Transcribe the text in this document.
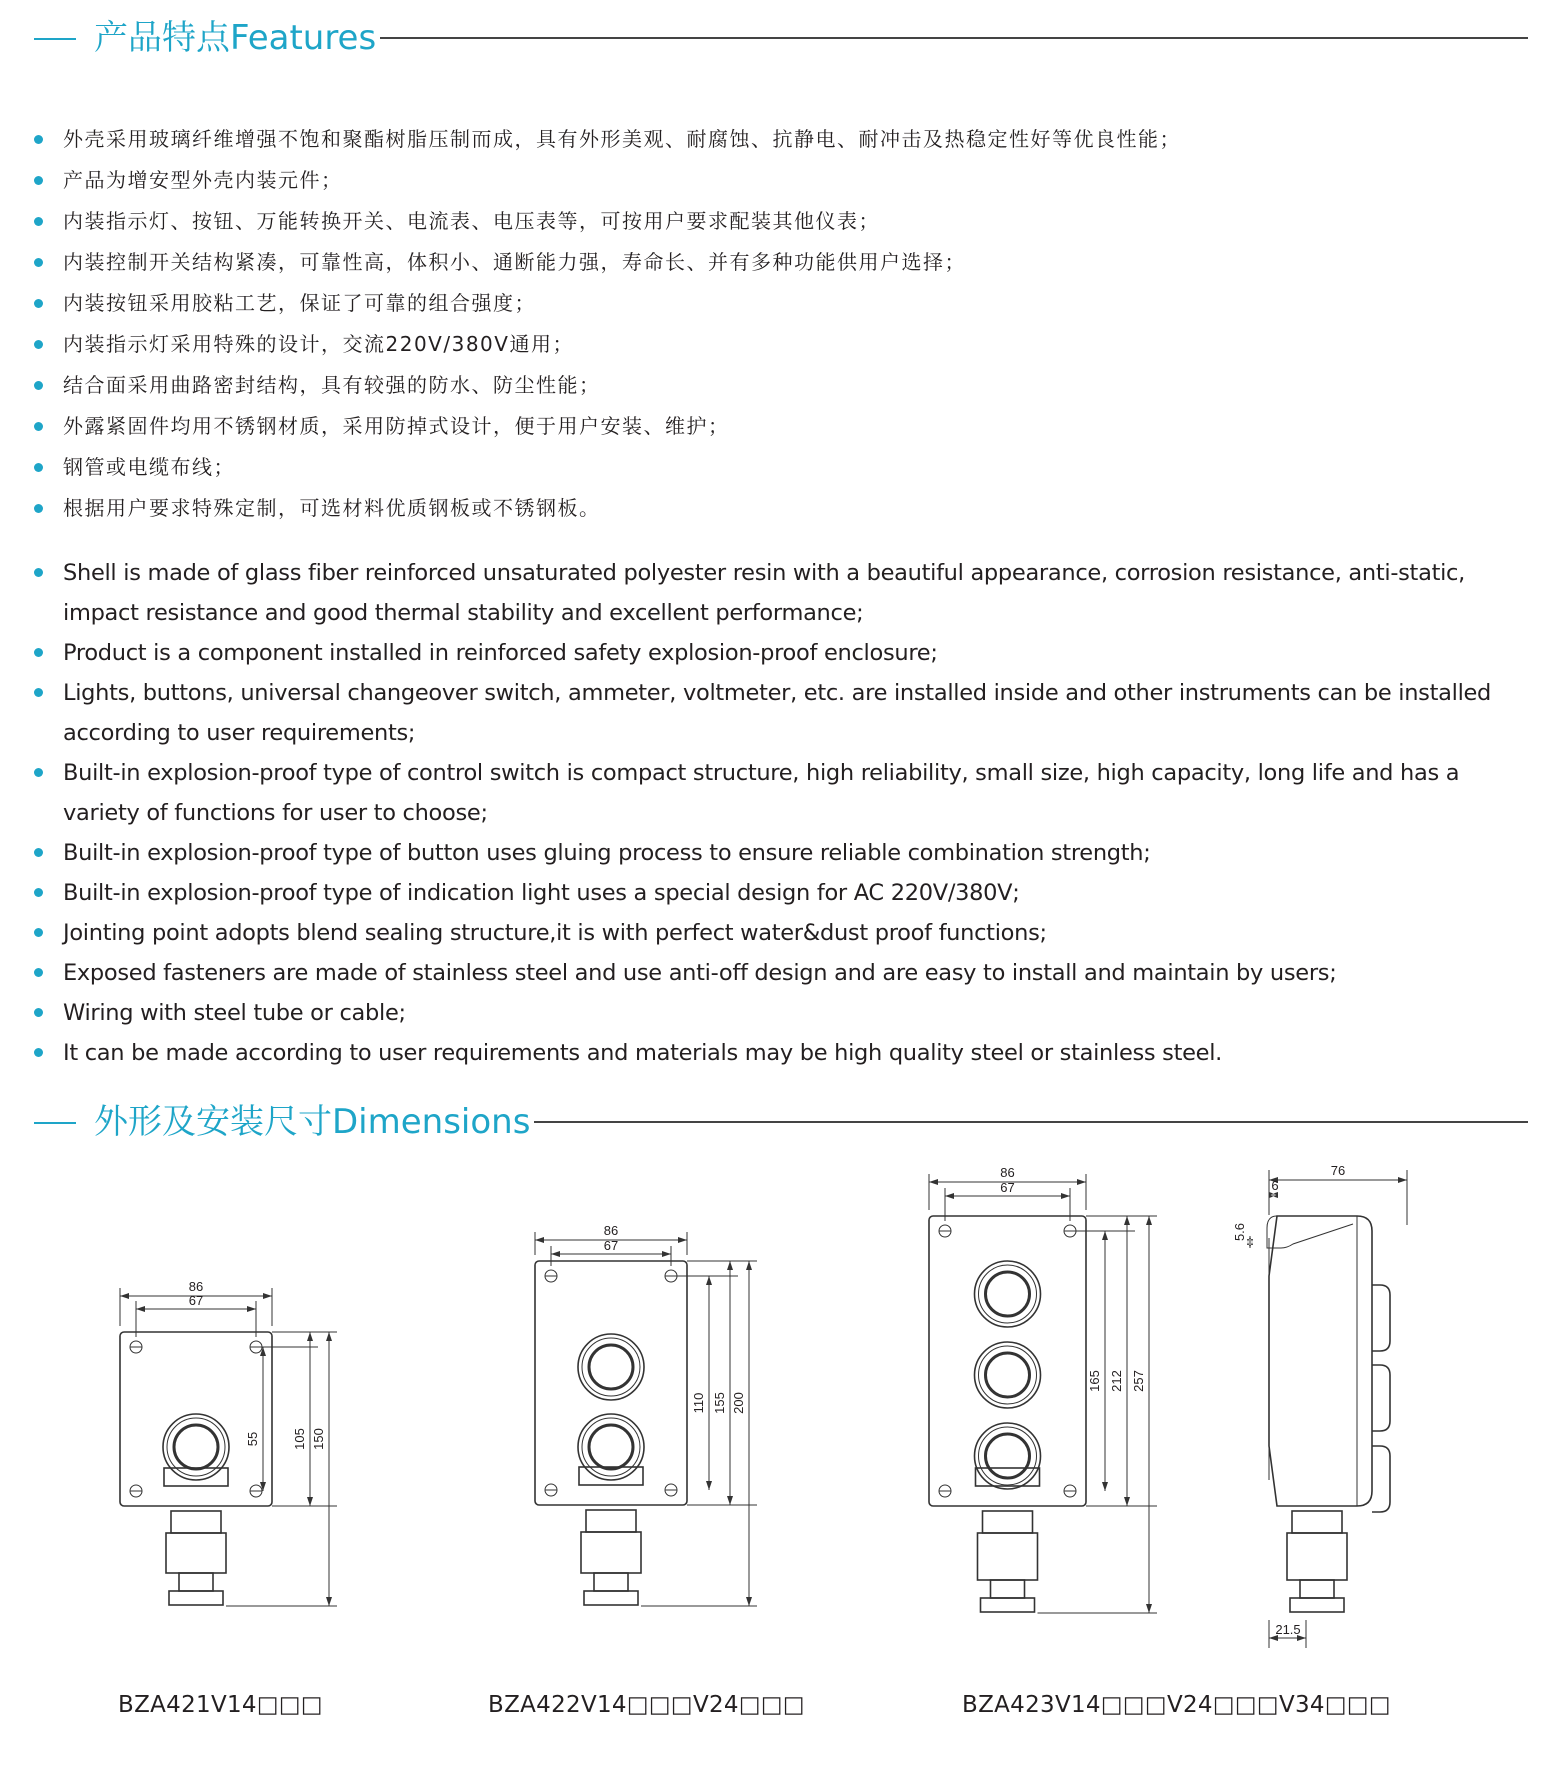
产品特点Features
外壳采用玻璃纤维增强不饱和聚酯树脂压制而成，具有外形美观、耐腐蚀、抗静电、耐冲击及热稳定性好等优良性能；
产品为增安型外壳内装元件；
内装指示灯、按钮、万能转换开关、电流表、电压表等，可按用户要求配装其他仪表；
内装控制开关结构紧凑，可靠性高，体积小、通断能力强，寿命长、并有多种功能供用户选择；
内装按钮采用胶粘工艺，保证了可靠的组合强度；
内装指示灯采用特殊的设计，交流220V/380V通用；
结合面采用曲路密封结构，具有较强的防水、防尘性能；
外露紧固件均用不锈钢材质，采用防掉式设计，便于用户安装、维护；
钢管或电缆布线；
根据用户要求特殊定制，可选材料优质钢板或不锈钢板。
Shell is made of glass fiber reinforced unsaturated polyester resin with a beautiful appearance, corrosion resistance, anti-static, impact resistance and good thermal stability and excellent performance;
Product is a component installed in reinforced safety explosion-proof enclosure;
Lights, buttons, universal changeover switch, ammeter, voltmeter, etc. are installed inside and other instruments can be installed according to user requirements;
Built-in explosion-proof type of control switch is compact structure, high reliability, small size, high capacity, long life and has a variety of functions for user to choose;
Built-in explosion-proof type of button uses gluing process to ensure reliable combination strength;
Built-in explosion-proof type of indication light uses a special design for AC 220V/380V;
Jointing point adopts blend sealing structure,it is with perfect water&dust proof functions;
Exposed fasteners are made of stainless steel and use anti-off design and are easy to install and maintain by users;
Wiring with steel tube or cable;
It can be made according to user requirements and materials may be high quality steel or stainless steel.
外形及安装尺寸Dimensions
86
67
55 105 150
86
67
110 155 200
86
67
165 212 257
76
6
5.6
21.5
BZA421V14□□□	BZA422V14□□□V24□□□	BZA423V14□□□V24□□□V34□□□
